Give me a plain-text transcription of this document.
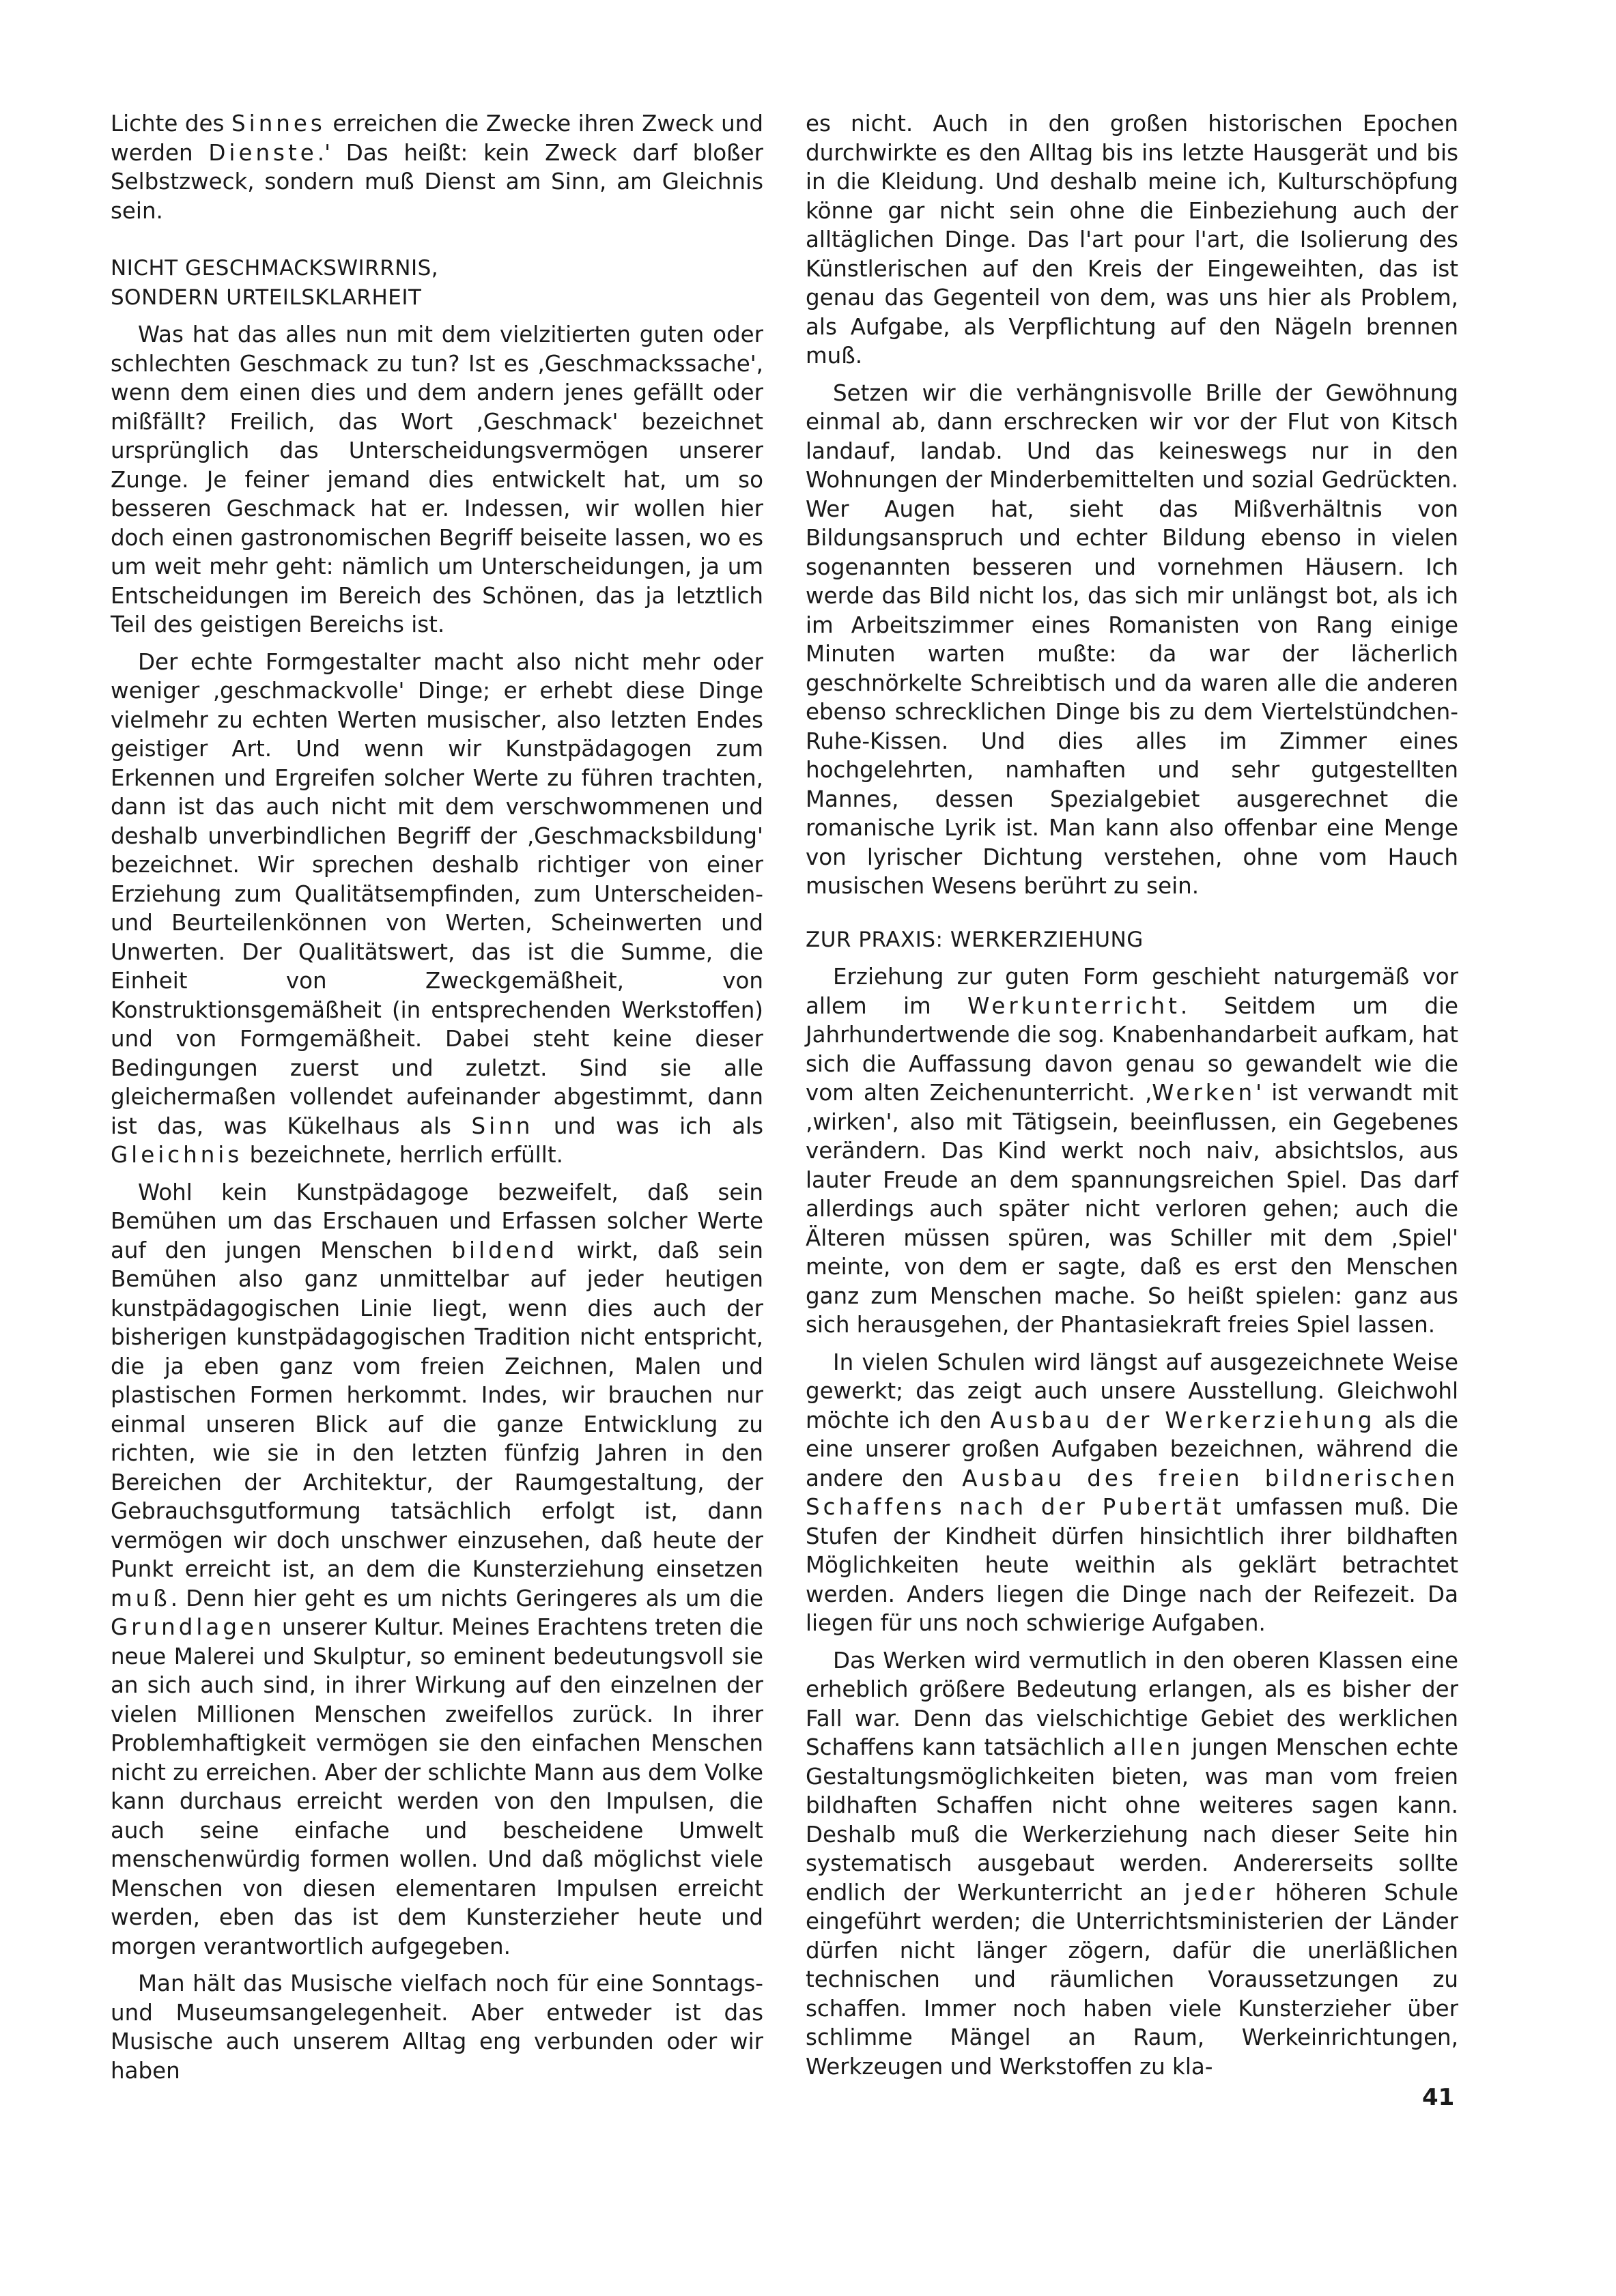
Lichte des Sinnes erreichen die Zwecke ihren Zweck und werden Dienste.' Das heißt: kein Zweck darf bloßer Selbstzweck, sondern muß Dienst am Sinn, am Gleichnis sein.

NICHT GESCHMACKSWIRRNIS,
SONDERN URTEILSKLARHEIT

Was hat das alles nun mit dem vielzitierten guten oder schlechten Geschmack zu tun? Ist es ‚Geschmackssache', wenn dem einen dies und dem andern jenes gefällt oder mißfällt? Freilich, das Wort ‚Geschmack' bezeichnet ursprünglich das Unterscheidungsvermögen unserer Zunge. Je feiner jemand dies entwickelt hat, um so besseren Geschmack hat er. Indessen, wir wollen hier doch einen gastronomischen Begriff beiseite lassen, wo es um weit mehr geht: nämlich um Unterscheidungen, ja um Entscheidungen im Bereich des Schönen, das ja letztlich Teil des geistigen Bereichs ist.

Der echte Formgestalter macht also nicht mehr oder weniger ‚geschmackvolle' Dinge; er erhebt diese Dinge vielmehr zu echten Werten musischer, also letzten Endes geistiger Art. Und wenn wir Kunstpädagogen zum Erkennen und Ergreifen solcher Werte zu führen trachten, dann ist das auch nicht mit dem verschwommenen und deshalb unverbindlichen Begriff der ‚Geschmacksbildung' bezeichnet. Wir sprechen deshalb richtiger von einer Erziehung zum Qualitätsempfinden, zum Unterscheiden- und Beurteilenkönnen von Werten, Scheinwerten und Unwerten. Der Qualitätswert, das ist die Summe, die Einheit von Zweckgemäßheit, von Konstruktionsgemäßheit (in entsprechenden Werkstoffen) und von Formgemäßheit. Dabei steht keine dieser Bedingungen zuerst und zuletzt. Sind sie alle gleichermaßen vollendet aufeinander abgestimmt, dann ist das, was Kükelhaus als Sinn und was ich als Gleichnis bezeichnete, herrlich erfüllt.

Wohl kein Kunstpädagoge bezweifelt, daß sein Bemühen um das Erschauen und Erfassen solcher Werte auf den jungen Menschen bildend wirkt, daß sein Bemühen also ganz unmittelbar auf jeder heutigen kunstpädagogischen Linie liegt, wenn dies auch der bisherigen kunstpädagogischen Tradition nicht entspricht, die ja eben ganz vom freien Zeichnen, Malen und plastischen Formen herkommt. Indes, wir brauchen nur einmal unseren Blick auf die ganze Entwicklung zu richten, wie sie in den letzten fünfzig Jahren in den Bereichen der Architektur, der Raumgestaltung, der Gebrauchsgutformung tatsächlich erfolgt ist, dann vermögen wir doch unschwer einzusehen, daß heute der Punkt erreicht ist, an dem die Kunsterziehung einsetzen muß. Denn hier geht es um nichts Geringeres als um die Grundlagen unserer Kultur. Meines Erachtens treten die neue Malerei und Skulptur, so eminent bedeutungsvoll sie an sich auch sind, in ihrer Wirkung auf den einzelnen der vielen Millionen Menschen zweifellos zurück. In ihrer Problemhaftigkeit vermögen sie den einfachen Menschen nicht zu erreichen. Aber der schlichte Mann aus dem Volke kann durchaus erreicht werden von den Impulsen, die auch seine einfache und bescheidene Umwelt menschenwürdig formen wollen. Und daß möglichst viele Menschen von diesen elementaren Impulsen erreicht werden, eben das ist dem Kunsterzieher heute und morgen verantwortlich aufgegeben.

Man hält das Musische vielfach noch für eine Sonntags- und Museumsangelegenheit. Aber entweder ist das Musische auch unserem Alltag eng verbunden oder wir haben

es nicht. Auch in den großen historischen Epochen durchwirkte es den Alltag bis ins letzte Hausgerät und bis in die Kleidung. Und deshalb meine ich, Kulturschöpfung könne gar nicht sein ohne die Einbeziehung auch der alltäglichen Dinge. Das l'art pour l'art, die Isolierung des Künstlerischen auf den Kreis der Eingeweihten, das ist genau das Gegenteil von dem, was uns hier als Problem, als Aufgabe, als Verpflichtung auf den Nägeln brennen muß.

Setzen wir die verhängnisvolle Brille der Gewöhnung einmal ab, dann erschrecken wir vor der Flut von Kitsch landauf, landab. Und das keineswegs nur in den Wohnungen der Minderbemittelten und sozial Gedrückten. Wer Augen hat, sieht das Mißverhältnis von Bildungsanspruch und echter Bildung ebenso in vielen sogenannten besseren und vornehmen Häusern. Ich werde das Bild nicht los, das sich mir unlängst bot, als ich im Arbeitszimmer eines Romanisten von Rang einige Minuten warten mußte: da war der lächerlich geschnörkelte Schreibtisch und da waren alle die anderen ebenso schrecklichen Dinge bis zu dem Viertelstündchen-Ruhe-Kissen. Und dies alles im Zimmer eines hochgelehrten, namhaften und sehr gutgestellten Mannes, dessen Spezialgebiet ausgerechnet die romanische Lyrik ist. Man kann also offenbar eine Menge von lyrischer Dichtung verstehen, ohne vom Hauch musischen Wesens berührt zu sein.

ZUR PRAXIS: WERKERZIEHUNG

Erziehung zur guten Form geschieht naturgemäß vor allem im Werkunterricht. Seitdem um die Jahrhundertwende die sog. Knabenhandarbeit aufkam, hat sich die Auffassung davon genau so gewandelt wie die vom alten Zeichenunterricht. ‚Werken' ist verwandt mit ‚wirken', also mit Tätigsein, beeinflussen, ein Gegebenes verändern. Das Kind werkt noch naiv, absichtslos, aus lauter Freude an dem spannungsreichen Spiel. Das darf allerdings auch später nicht verloren gehen; auch die Älteren müssen spüren, was Schiller mit dem ‚Spiel' meinte, von dem er sagte, daß es erst den Menschen ganz zum Menschen mache. So heißt spielen: ganz aus sich herausgehen, der Phantasiekraft freies Spiel lassen.

In vielen Schulen wird längst auf ausgezeichnete Weise gewerkt; das zeigt auch unsere Ausstellung. Gleichwohl möchte ich den Ausbau der Werkerziehung als die eine unserer großen Aufgaben bezeichnen, während die andere den Ausbau des freien bildnerischen Schaffens nach der Pubertät umfassen muß. Die Stufen der Kindheit dürfen hinsichtlich ihrer bildhaften Möglichkeiten heute weithin als geklärt betrachtet werden. Anders liegen die Dinge nach der Reifezeit. Da liegen für uns noch schwierige Aufgaben.

Das Werken wird vermutlich in den oberen Klassen eine erheblich größere Bedeutung erlangen, als es bisher der Fall war. Denn das vielschichtige Gebiet des werklichen Schaffens kann tatsächlich allen jungen Menschen echte Gestaltungsmöglichkeiten bieten, was man vom freien bildhaften Schaffen nicht ohne weiteres sagen kann. Deshalb muß die Werkerziehung nach dieser Seite hin systematisch ausgebaut werden. Andererseits sollte endlich der Werkunterricht an jeder höheren Schule eingeführt werden; die Unterrichtsministerien der Länder dürfen nicht länger zögern, dafür die unerläßlichen technischen und räumlichen Voraussetzungen zu schaffen. Immer noch haben viele Kunsterzieher über schlimme Mängel an Raum, Werkeinrichtungen, Werkzeugen und Werkstoffen zu kla-

41
